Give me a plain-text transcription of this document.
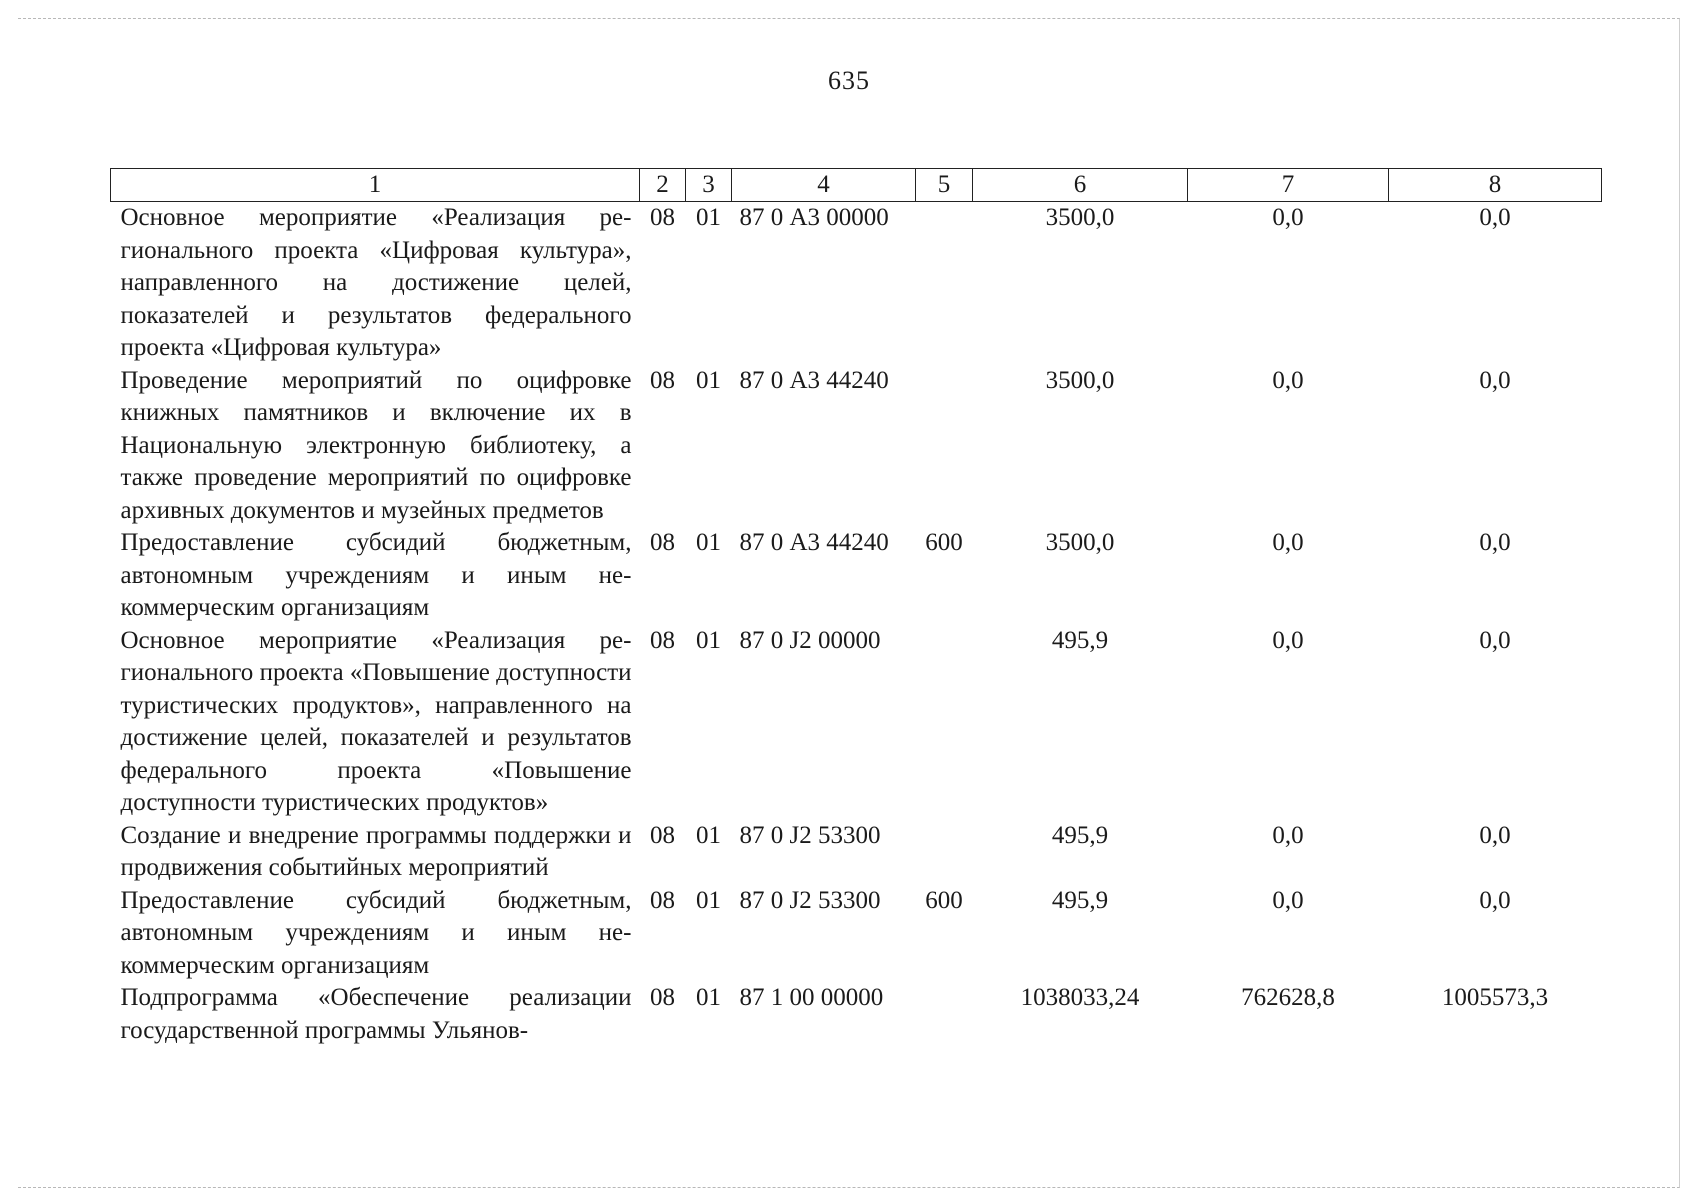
635
1	2	3	4	5	6	7	8
Основное мероприятие «Реализация регионального проекта «Цифровая культура», направленного на достижение целей, показателей и результатов федерального проекта «Цифровая культура»	08	01	87 0 А3 00000		3500,0	0,0	0,0
Проведение мероприятий по оцифровке книжных памятников и включение их в Национальную электронную библиотеку, а также проведение мероприятий по оцифровке архивных документов и музейных предметов	08	01	87 0 А3 44240		3500,0	0,0	0,0
Предоставление субсидий бюджетным, автономным учреждениям и иным некоммерческим организациям	08	01	87 0 А3 44240	600	3500,0	0,0	0,0
Основное мероприятие «Реализация регионального проекта «Повышение доступности туристических продуктов», направленного на достижение целей, показателей и результатов федерального проекта «Повышение доступности туристических продуктов»	08	01	87 0 J2 00000		495,9	0,0	0,0
Создание и внедрение программы поддержки и продвижения событийных мероприятий	08	01	87 0 J2 53300		495,9	0,0	0,0
Предоставление субсидий бюджетным, автономным учреждениям и иным некоммерческим организациям	08	01	87 0 J2 53300	600	495,9	0,0	0,0
Подпрограмма «Обеспечение реализации государственной программы Ульянов-	08	01	87 1 00 00000		1038033,24	762628,8	1005573,3
